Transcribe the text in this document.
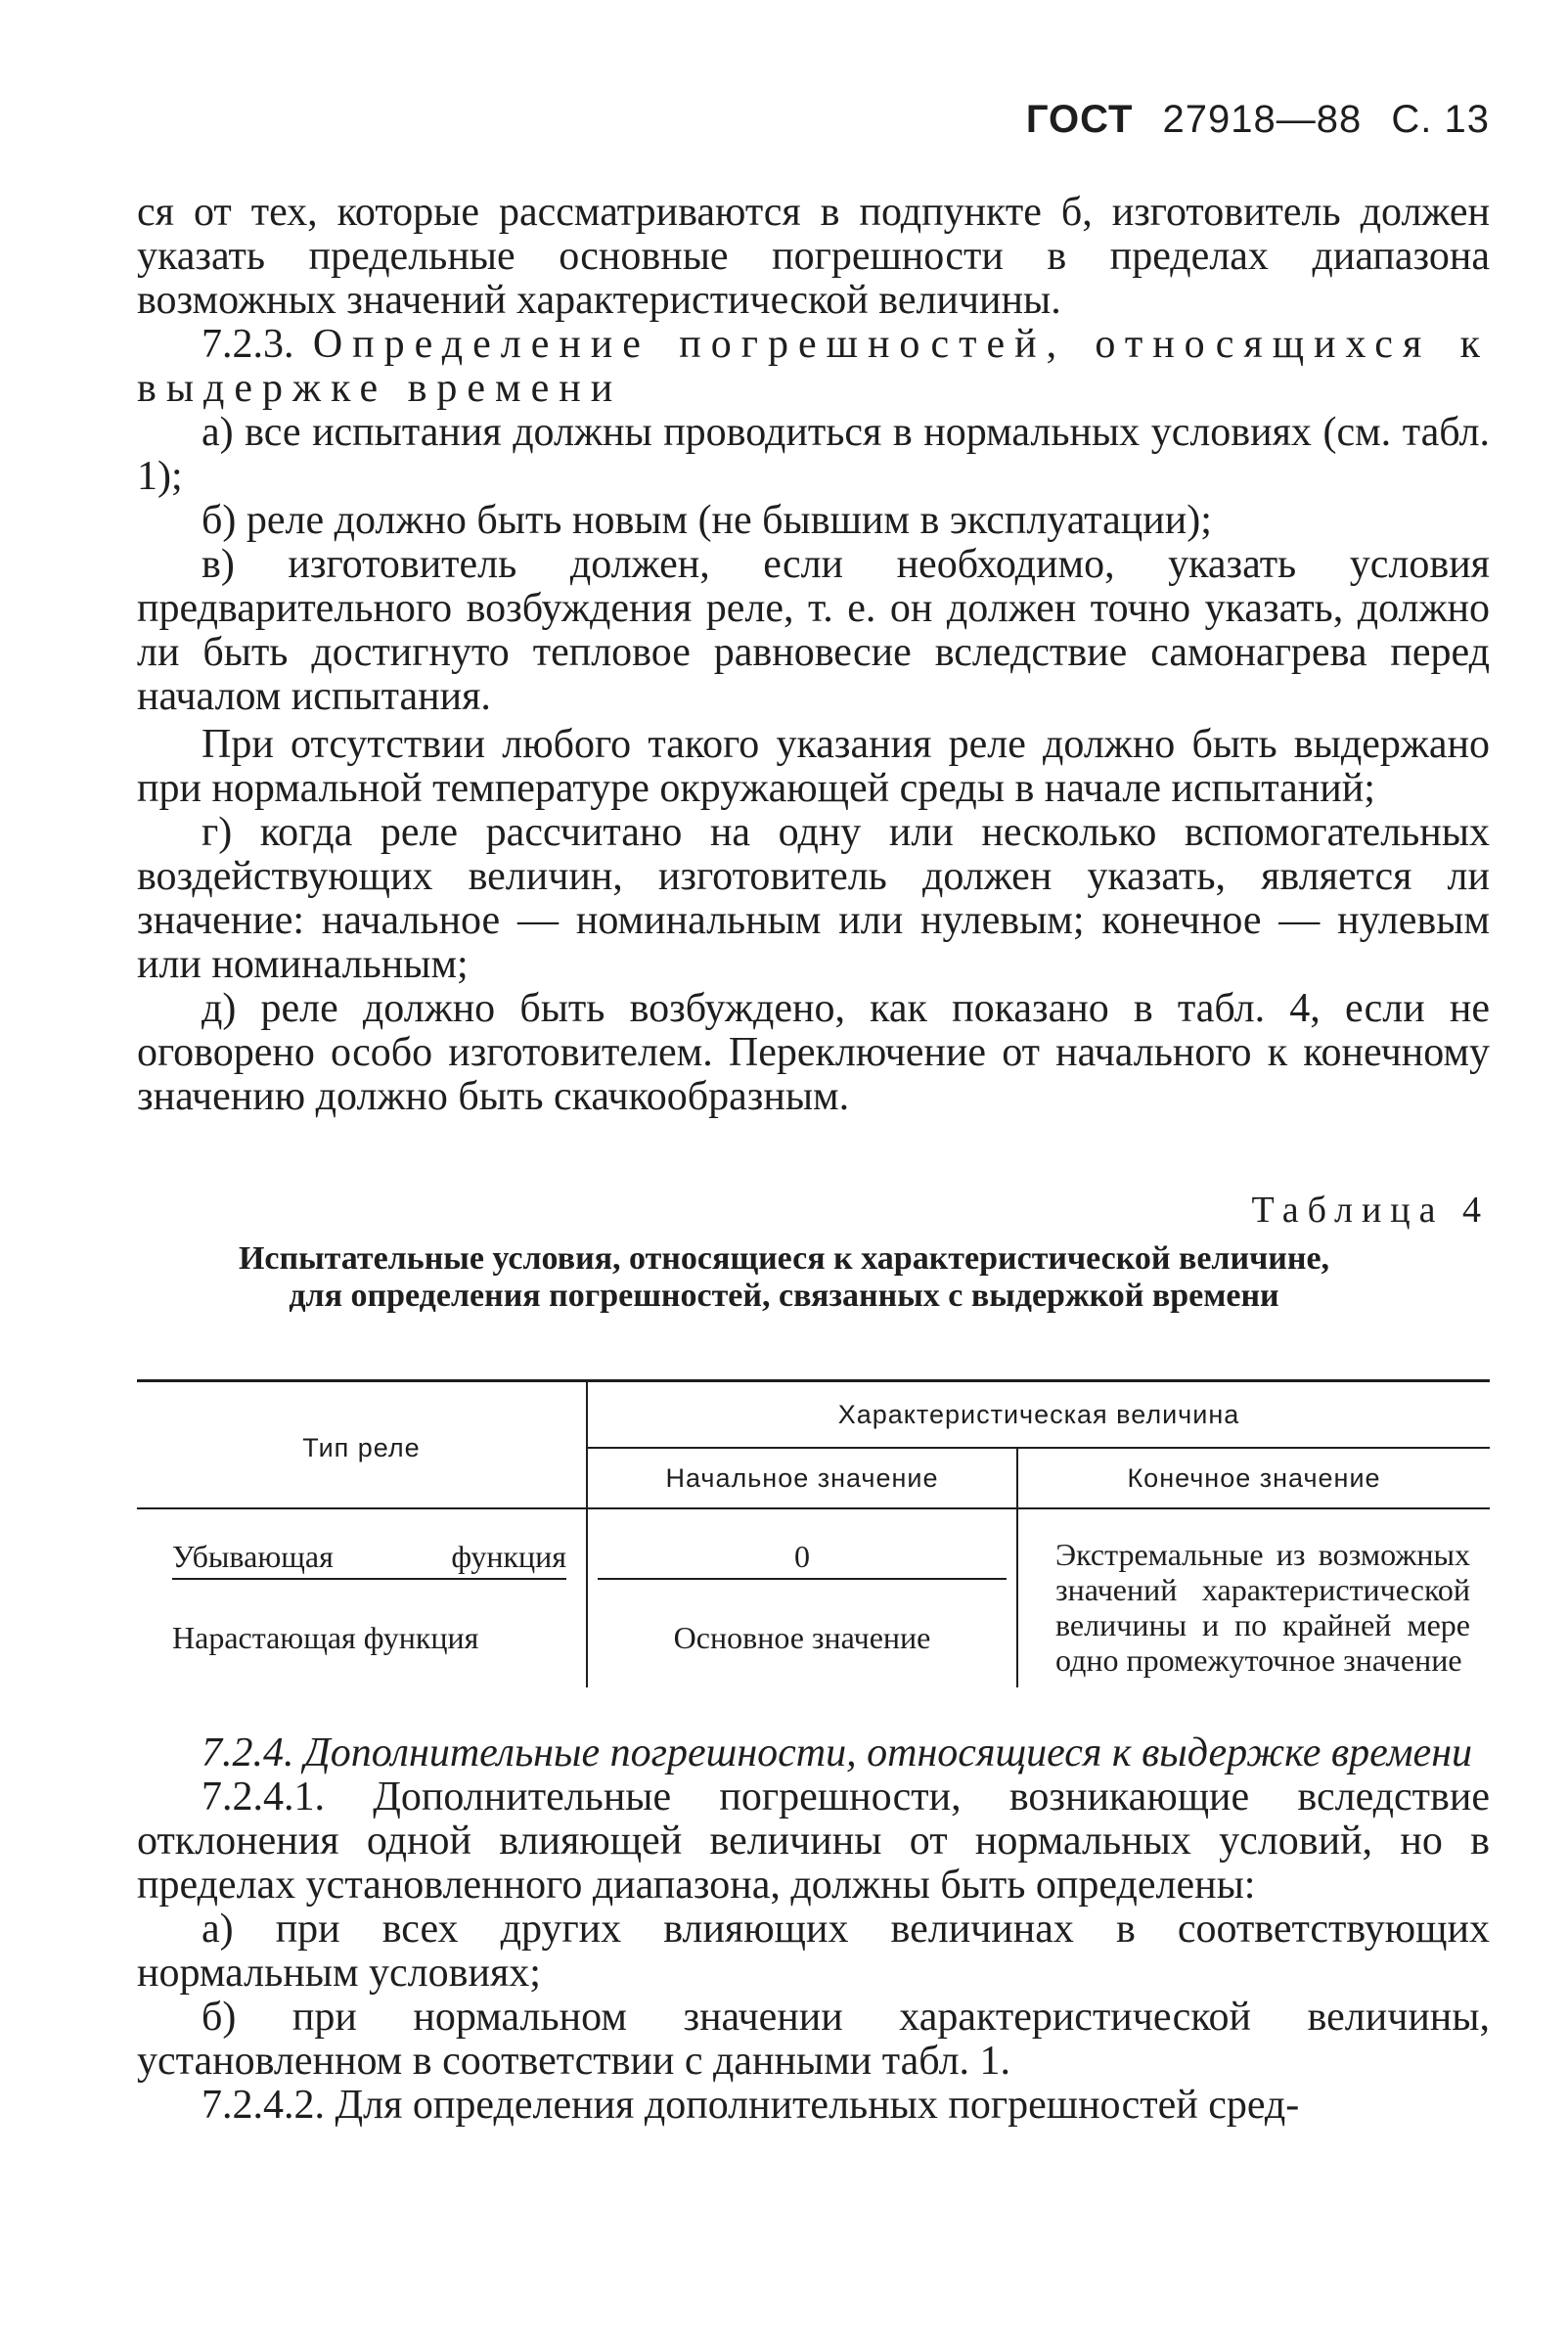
ГОСТ 27918—88 С. 13

ся от тех, которые рассматриваются в подпункте б, изготовитель должен указать предельные основные погрешности в пределах диапазона возможных значений характеристической величины.

7.2.3. Определение погрешностей, относящихся к выдержке времени

а) все испытания должны проводиться в нормальных условиях (см. табл. 1);

б) реле должно быть новым (не бывшим в эксплуатации);

в) изготовитель должен, если необходимо, указать условия предварительного возбуждения реле, т. е. он должен точно указать, должно ли быть достигнуто тепловое равновесие вследствие самонагрева перед началом испытания.

При отсутствии любого такого указания реле должно быть выдержано при нормальной температуре окружающей среды в начале испытаний;

г) когда реле рассчитано на одну или несколько вспомогательных воздействующих величин, изготовитель должен указать, является ли значение: начальное — номинальным или нулевым; конечное — нулевым или номинальным;

д) реле должно быть возбуждено, как показано в табл. 4, если не оговорено особо изготовителем. Переключение от начального к конечному значению должно быть скачкообразным.

Таблица 4
Испытательные условия, относящиеся к характеристической величине, для определения погрешностей, связанных с выдержкой времени
Тип реле	Характеристическая величина	
	Начальное значение	Конечное значение

Убывающая функция	0	Экстремальные из возможных значений характеристической величины и по крайней мере одно промежуточное значение
Нарастающая функция	Основное значение	

7.2.4. Дополнительные погрешности, относящиеся к выдержке времени

7.2.4.1. Дополнительные погрешности, возникающие вследствие отклонения одной влияющей величины от нормальных условий, но в пределах установленного диапазона, должны быть определены:

а) при всех других влияющих величинах в соответствующих нормальным условиях;

б) при нормальном значении характеристической величины, установленном в соответствии с данными табл. 1.

7.2.4.2. Для определения дополнительных погрешностей сред-
